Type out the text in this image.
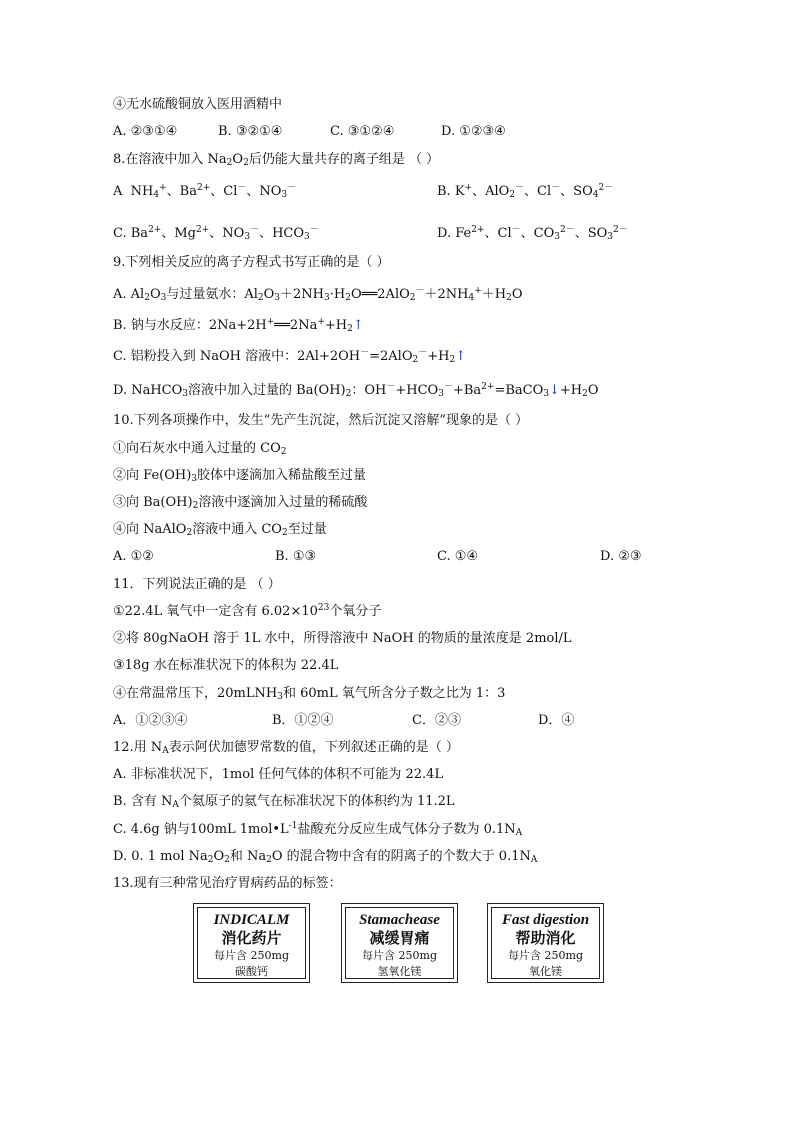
④无水硫酸铜放入医用酒精中
A. ②③①④	B. ③②①④	C. ③①②④	D. ①②③④
8.在溶液中加入 $Na_2O_2$后仍能大量共存的离子组是 （ ）
A  $NH_4^+$、$Ba^{2+}$、Cl－、$NO_3^-$	B. K+、AlO$_2$－、Cl－、$SO_4^{2-}$
C. $Ba^{2+}$、$Mg^{2+}$、$NO_3^-$、$HCO_3^-$	D. $Fe^{2+}$、Cl－、$CO_3^{2-}$、$SO_3^{2-}$
9.下列相关反应的离子方程式书写正确的是（ ）
A. $Al_2O_3$与过量氨水：$Al_2O_3+2NH_3\cdot H_2O══2AlO_2^-+2NH_4^++H_2O$
B. 钠与水反应：$2Na+2H^+══2Na^++H_2↑$
C. 铝粉投入到 NaOH 溶液中：$2Al+2OH^-=2AlO_2^-+H_2↑$
D. NaHCO$_3$溶液中加入过量的 $Ba(OH)_2$：$OH^-+HCO_3^-+Ba^{2+}=BaCO_3↓+H_2O$
10.下列各项操作中，发生“先产生沉淀，然后沉淀又溶解”现象的是（ ）
①向石灰水中通入过量的 $CO_2$
②向 $Fe(OH)_3$胶体中逐滴加入稀盐酸至过量
③向 $Ba(OH)_2$溶液中逐滴加入过量的稀硫酸
④向 NaAlO$_2$溶液中通入 $CO_2$至过量
A. ①②	B. ①③	C. ①④	D. ②③
11．下列说法正确的是 （ ）
①22.4L 氧气中一定含有 $6.02\times 10^{23}$个氧分子
②将 80gNaOH 溶于 1L 水中，所得溶液中 NaOH 的物质的量浓度是 2mol/L
③18g 水在标准状况下的体积为 22.4L
④在常温常压下，20mLNH$_3$和 60mL 氧气所含分子数之比为 1：3
A．①②③④	B．①②④	C．②③	D．④
12.用 $N_A$表示阿伏加德罗常数的值，下列叙述正确的是（ ）
A. 非标准状况下，1mol 任何气体的体积不可能为 22.4L
B. 含有 $N_A$个氦原子的氦气在标准状况下的体积约为 11.2L
C. 4.6g 钠与100mL $1mol•L^{-1}$盐酸充分反应生成气体分子数为 $0.1N_A$
D. 0. 1 mol $Na_2O_2$和 $Na_2O$ 的混合物中含有的阴离子的个数大于 $0.1N_A$
13.现有三种常见治疗胃病药品的标签：
INDICALM
消化药片
每片含 250mg
碳酸钙
Stamachease
减缓胃痛
每片含 250mg
氢氧化镁
Fast digestion
帮助消化
每片含 250mg
氧化镁
